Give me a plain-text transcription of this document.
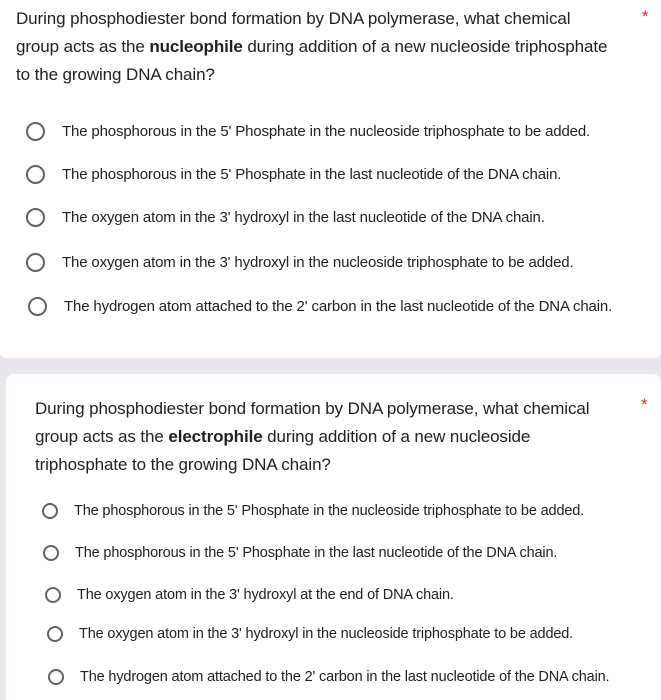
During phosphodiester bond formation by DNA polymerase, what chemical group acts as the nucleophile during addition of a new nucleoside triphosphate to the growing DNA chain?
*
The phosphorous in the 5' Phosphate in the nucleoside triphosphate to be added.
The phosphorous in the 5' Phosphate in the last nucleotide of the DNA chain.
The oxygen atom in the 3' hydroxyl in the last nucleotide of the DNA chain.
The oxygen atom in the 3' hydroxyl in the nucleoside triphosphate to be added.
The hydrogen atom attached to the 2' carbon in the last nucleotide of the DNA chain.
During phosphodiester bond formation by DNA polymerase, what chemical group acts as the electrophile during addition of a new nucleoside triphosphate to the growing DNA chain?
*
The phosphorous in the 5' Phosphate in the nucleoside triphosphate to be added.
The phosphorous in the 5' Phosphate in the last nucleotide of the DNA chain.
The oxygen atom in the 3' hydroxyl at the end of DNA chain.
The oxygen atom in the 3' hydroxyl in the nucleoside triphosphate to be added.
The hydrogen atom attached to the 2' carbon in the last nucleotide of the DNA chain.
